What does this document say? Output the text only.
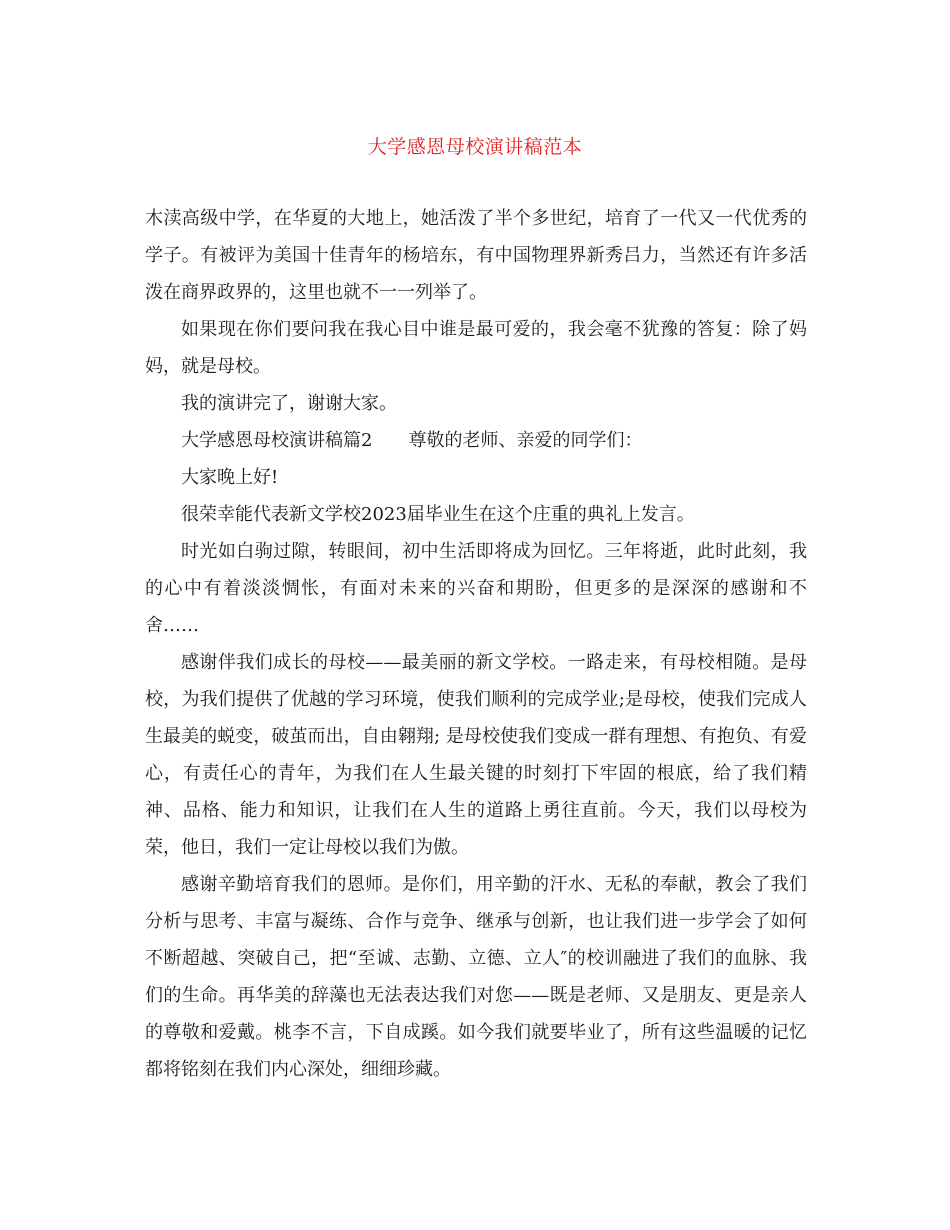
大学感恩母校演讲稿范本

木渎高级中学，在华夏的大地上，她活泼了半个多世纪，培育了一代又一代优秀的学子。有被评为美国十佳青年的杨培东，有中国物理界新秀吕力，当然还有许多活泼在商界政界的，这里也就不一一列举了。

如果现在你们要问我在我心目中谁是最可爱的，我会毫不犹豫的答复：除了妈妈，就是母校。

我的演讲完了，谢谢大家。

大学感恩母校演讲稿篇2 尊敬的老师、亲爱的同学们：

大家晚上好!

很荣幸能代表新文学校2023届毕业生在这个庄重的典礼上发言。

时光如白驹过隙，转眼间，初中生活即将成为回忆。三年将逝，此时此刻，我的心中有着淡淡惆怅，有面对未来的兴奋和期盼，但更多的是深深的感谢和不舍……

感谢伴我们成长的母校——最美丽的新文学校。一路走来，有母校相随。是母校，为我们提供了优越的学习环境，使我们顺利的完成学业;是母校，使我们完成人生最美的蜕变，破茧而出，自由翱翔; 是母校使我们变成一群有理想、有抱负、有爱心，有责任心的青年，为我们在人生最关键的时刻打下牢固的根底，给了我们精神、品格、能力和知识，让我们在人生的道路上勇往直前。今天，我们以母校为荣，他日，我们一定让母校以我们为傲。

感谢辛勤培育我们的恩师。是你们，用辛勤的汗水、无私的奉献，教会了我们分析与思考、丰富与凝练、合作与竞争、继承与创新，也让我们进一步学会了如何不断超越、突破自己，把“至诚、志勤、立德、立人″的校训融进了我们的血脉、我们的生命。再华美的辞藻也无法表达我们对您——既是老师、又是朋友、更是亲人的尊敬和爱戴。桃李不言，下自成蹊。如今我们就要毕业了，所有这些温暖的记忆都将铭刻在我们内心深处，细细珍藏。
